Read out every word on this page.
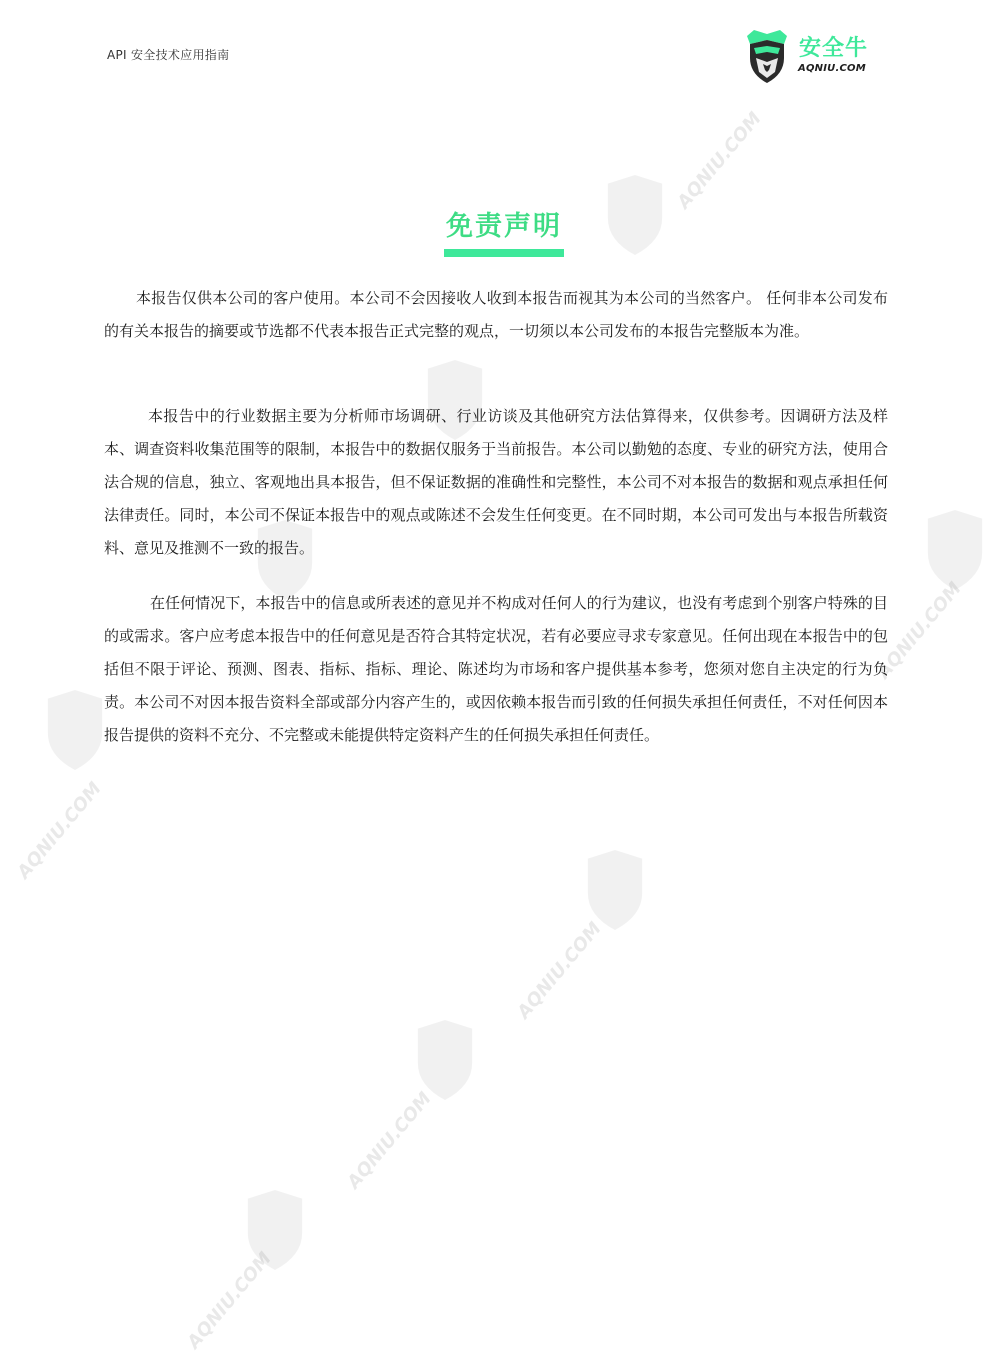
AQNIU.COM
AQNIU.COM
AQNIU.COM
AQNIU.COM
AQNIU.COM
AQNIU.COM
API 安全技术应用指南	安全牛
AQNIU.COM
免责声明

本报告仅供本公司的客户使用。本公司不会因接收人收到本报告而视其为本公司的当然客户。 任何非本公司发布的有关本报告的摘要或节选都不代表本报告正式完整的观点，一切须以本公司发布的本报告完整版本为准。

本报告中的行业数据主要为分析师市场调研、行业访谈及其他研究方法估算得来，仅供参考。因调研方法及样本、调查资料收集范围等的限制，本报告中的数据仅服务于当前报告。本公司以勤勉的态度、专业的研究方法，使用合法合规的信息，独立、客观地出具本报告，但不保证数据的准确性和完整性，本公司不对本报告的数据和观点承担任何法律责任。同时，本公司不保证本报告中的观点或陈述不会发生任何变更。在不同时期，本公司可发出与本报告所载资料、意见及推测不一致的报告。

在任何情况下，本报告中的信息或所表述的意见并不构成对任何人的行为建议，也没有考虑到个别客户特殊的目的或需求。客户应考虑本报告中的任何意见是否符合其特定状况，若有必要应寻求专家意见。任何出现在本报告中的包括但不限于评论、预测、图表、指标、指标、理论、陈述均为市场和客户提供基本参考，您须对您自主决定的行为负责。本公司不对因本报告资料全部或部分内容产生的，或因依赖本报告而引致的任何损失承担任何责任，不对任何因本报告提供的资料不充分、不完整或未能提供特定资料产生的任何损失承担任何责任。
